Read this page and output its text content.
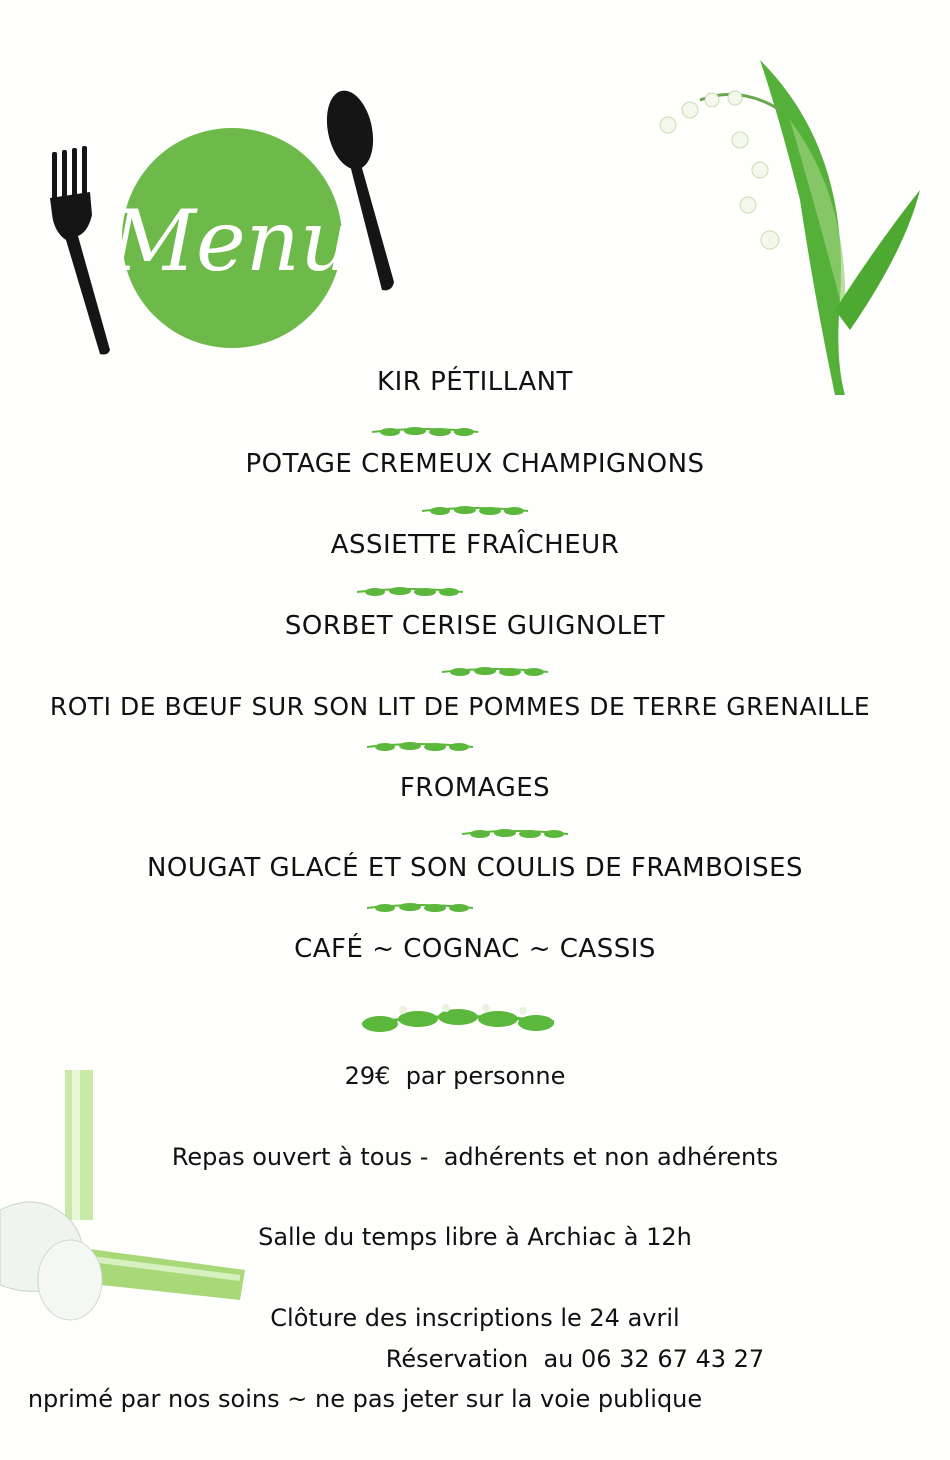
Menu
KIR PÉTILLANT
POTAGE CREMEUX CHAMPIGNONS
ASSIETTE FRAÎCHEUR
SORBET CERISE GUIGNOLET
ROTI DE BŒUF SUR SON LIT DE POMMES DE TERRE GRENAILLE
FROMAGES
NOUGAT GLACÉ ET SON COULIS DE FRAMBOISES
CAFÉ ~ COGNAC ~ CASSIS
29€  par personne
Repas ouvert à tous -  adhérents et non adhérents
Salle du temps libre à Archiac à 12h
Clôture des inscriptions le 24 avril
Réservation  au 06 32 67 43 27
nprimé par nos soins ~ ne pas jeter sur la voie publique
